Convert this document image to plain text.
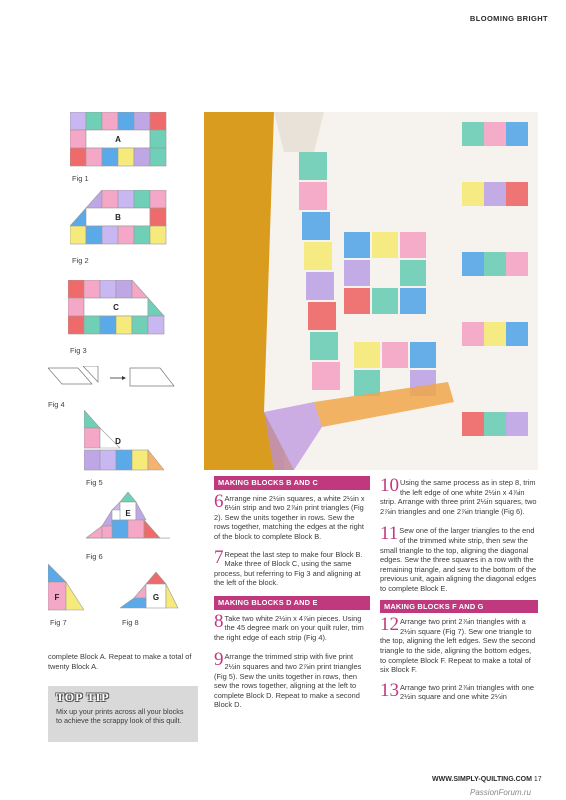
BLOOMING BRIGHT
A
Fig 1
B
Fig 2
C
Fig 3
Fig 4
D
Fig 5
E
Fig 6
F
Fig 7
G
Fig 8
complete Block A. Repeat to make a total of twenty Block A.
TOP TIP
Mix up your prints across all your blocks to achieve the scrappy look of this quilt.
MAKING BLOCKS B AND C
6 Arrange nine 2½in squares, a white 2½in x 6½in strip and two 2⅞in print triangles (Fig 2). Sew the units together in rows. Sew the rows together, matching the edges at the right of the block to complete Block B.
7 Repeat the last step to make four Block B. Make three of Block C, using the same process, but referring to Fig 3 and aligning at the left of the block.
MAKING BLOCKS D AND E
8 Take two white 2½in x 4⅞in pieces. Using the 45 degree mark on your quilt ruler, trim the right edge of each strip (Fig 4).
9 Arrange the trimmed strip with five print 2½in squares and two 2⅞in print triangles (Fig 5). Sew the units together in rows, then sew the rows together, aligning at the left to complete Block D. Repeat to make a second Block D.
10 Using the same process as in step 8, trim the left edge of one white 2½in x 4⅞in strip. Arrange with three print 2½in squares, two 2⅞in triangles and one 2⅞in triangle (Fig 6).
11 Sew one of the larger triangles to the end of the trimmed white strip, then sew the small triangle to the top, aligning the diagonal edges. Sew the three squares in a row with the remaining triangle, and sew to the bottom of the previous unit, again aligning the diagonal edges to complete Block E.
MAKING BLOCKS F AND G
12 Arrange two print 2⅞in triangles with a 2½in square (Fig 7). Sew one triangle to the top, aligning the left edges. Sew the second triangle to the side, aligning the bottom edges, to complete Block F. Repeat to make a total of six Block F.
13 Arrange two print 2⅞in triangles with one 2½in square and one white 2¼in
WWW.SIMPLY-QUILTING.COM 17
PassionForum.ru
